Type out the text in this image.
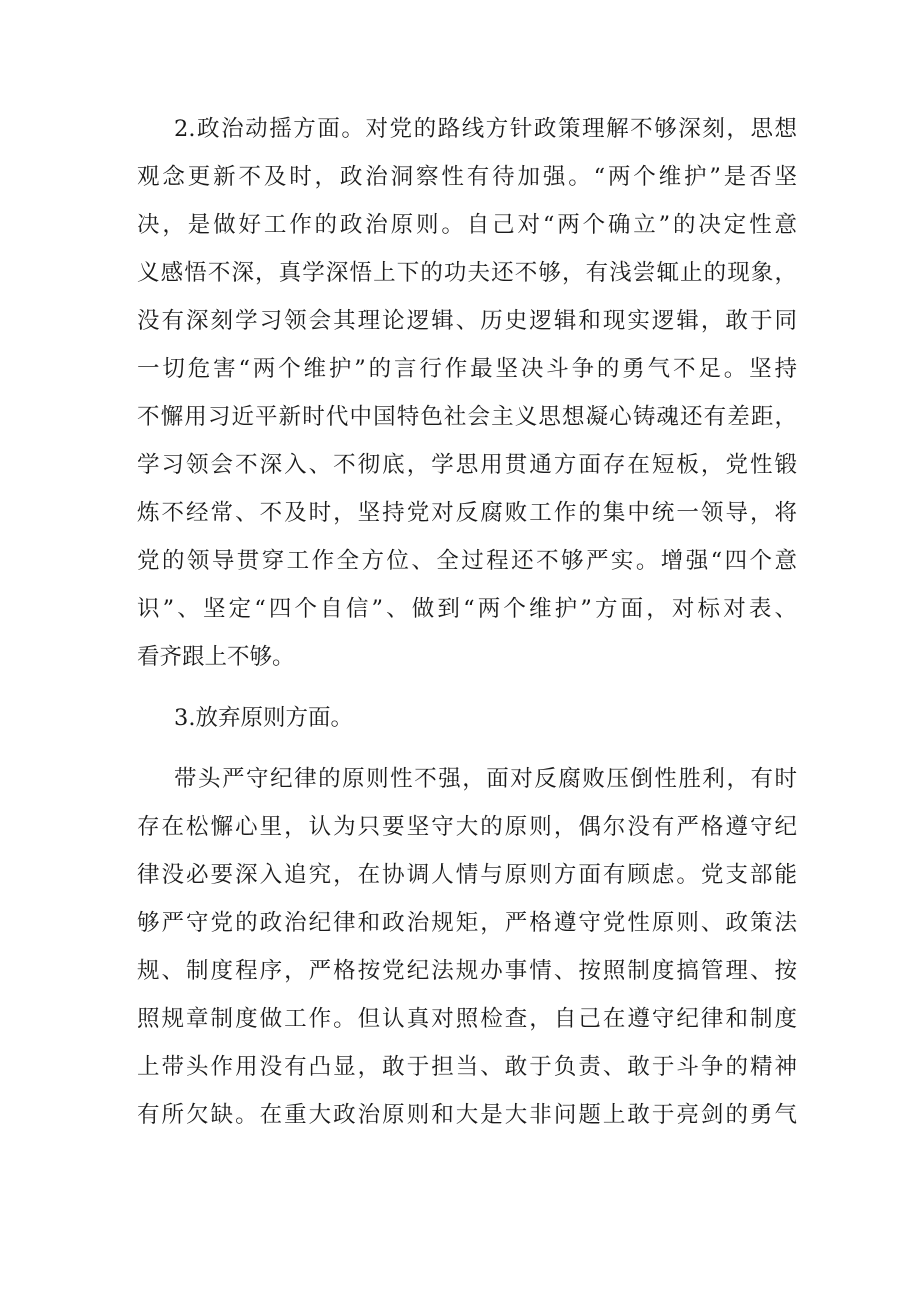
2.政治动摇方面。对党的路线方针政策理解不够深刻，思想
观念更新不及时，政治洞察性有待加强。“两个维护”是否坚
决，是做好工作的政治原则。自己对“两个确立”的决定性意
义感悟不深，真学深悟上下的功夫还不够，有浅尝辄止的现象，
没有深刻学习领会其理论逻辑、历史逻辑和现实逻辑，敢于同
一切危害“两个维护”的言行作最坚决斗争的勇气不足。坚持
不懈用习近平新时代中国特色社会主义思想凝心铸魂还有差距，
学习领会不深入、不彻底，学思用贯通方面存在短板，党性锻
炼不经常、不及时，坚持党对反腐败工作的集中统一领导，将
党的领导贯穿工作全方位、全过程还不够严实。增强“四个意
识”、坚定“四个自信”、做到“两个维护”方面，对标对表、
看齐跟上不够。
3.放弃原则方面。
带头严守纪律的原则性不强，面对反腐败压倒性胜利，有时
存在松懈心里，认为只要坚守大的原则，偶尔没有严格遵守纪
律没必要深入追究，在协调人情与原则方面有顾虑。党支部能
够严守党的政治纪律和政治规矩，严格遵守党性原则、政策法
规、制度程序，严格按党纪法规办事情、按照制度搞管理、按
照规章制度做工作。但认真对照检查，自己在遵守纪律和制度
上带头作用没有凸显，敢于担当、敢于负责、敢于斗争的精神
有所欠缺。在重大政治原则和大是大非问题上敢于亮剑的勇气
